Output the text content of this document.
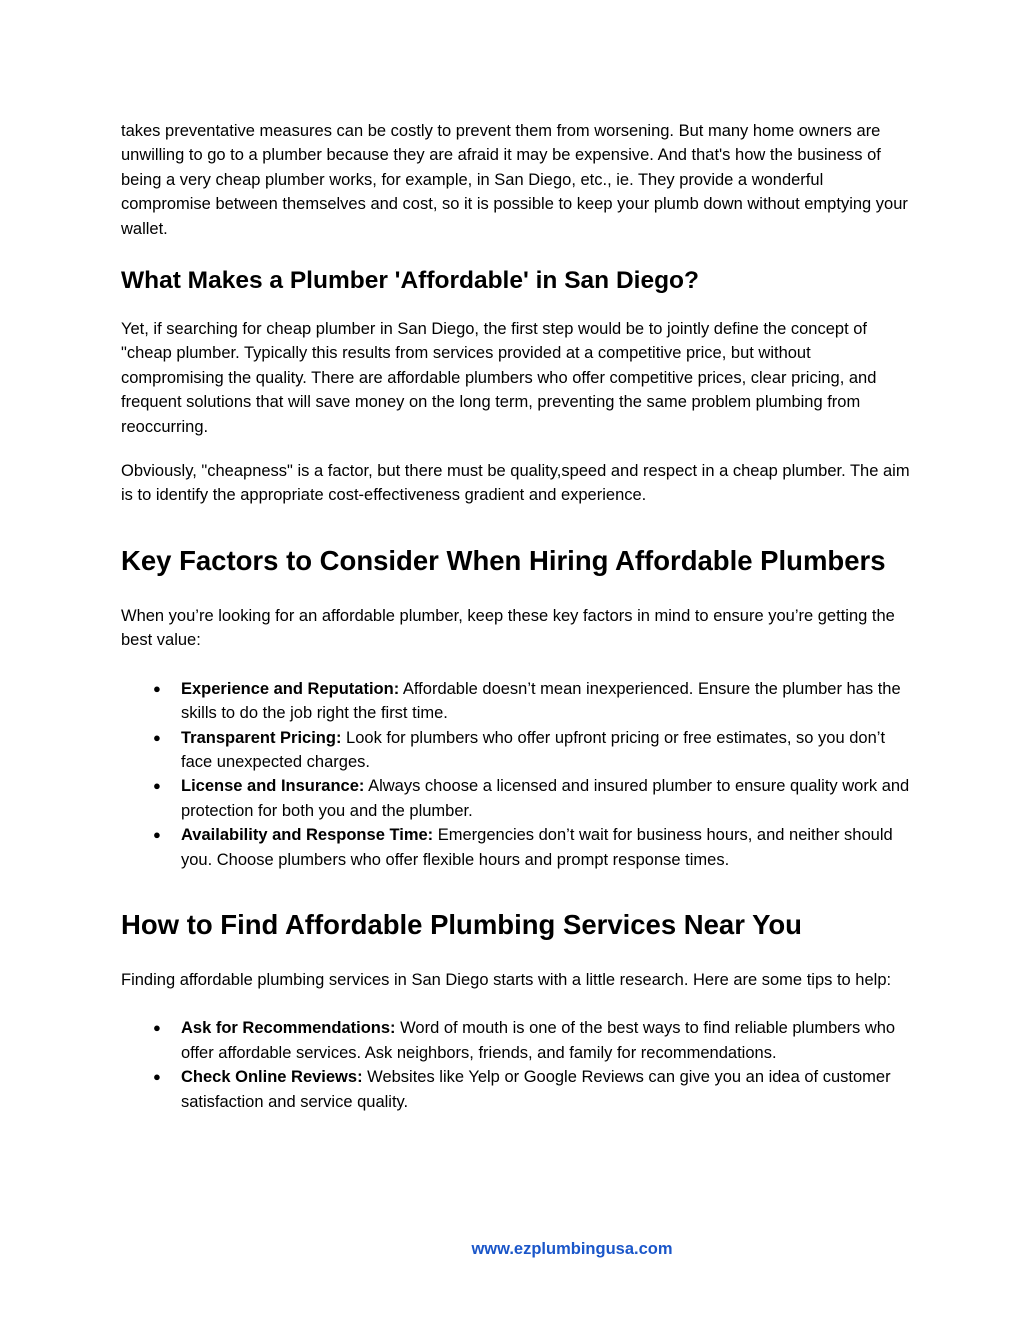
takes preventative measures can be costly to prevent them from worsening. But many home owners are unwilling to go to a plumber because they are afraid it may be expensive. And that's how the business of being a very cheap plumber works, for example, in San Diego, etc., ie. They provide a wonderful compromise between themselves and cost, so it is possible to keep your plumb down without emptying your wallet.

What Makes a Plumber 'Affordable' in San Diego?

Yet, if searching for cheap plumber in San Diego, the first step would be to jointly define the concept of "cheap plumber. Typically this results from services provided at a competitive price, but without compromising the quality. There are affordable plumbers who offer competitive prices, clear pricing, and frequent solutions that will save money on the long term, preventing the same problem plumbing from reoccurring.

Obviously, "cheapness" is a factor, but there must be quality,speed and respect in a cheap plumber. The aim is to identify the appropriate cost-effectiveness gradient and experience.

Key Factors to Consider When Hiring Affordable Plumbers

When you’re looking for an affordable plumber, keep these key factors in mind to ensure you’re getting the best value:

● Experience and Reputation: Affordable doesn’t mean inexperienced. Ensure the plumber has the skills to do the job right the first time.
● Transparent Pricing: Look for plumbers who offer upfront pricing or free estimates, so you don’t face unexpected charges.
● License and Insurance: Always choose a licensed and insured plumber to ensure quality work and protection for both you and the plumber.
● Availability and Response Time: Emergencies don’t wait for business hours, and neither should you. Choose plumbers who offer flexible hours and prompt response times.
How to Find Affordable Plumbing Services Near You

Finding affordable plumbing services in San Diego starts with a little research. Here are some tips to help:

● Ask for Recommendations: Word of mouth is one of the best ways to find reliable plumbers who offer affordable services. Ask neighbors, friends, and family for recommendations.
● Check Online Reviews: Websites like Yelp or Google Reviews can give you an idea of customer satisfaction and service quality.
www.ezplumbingusa.com
